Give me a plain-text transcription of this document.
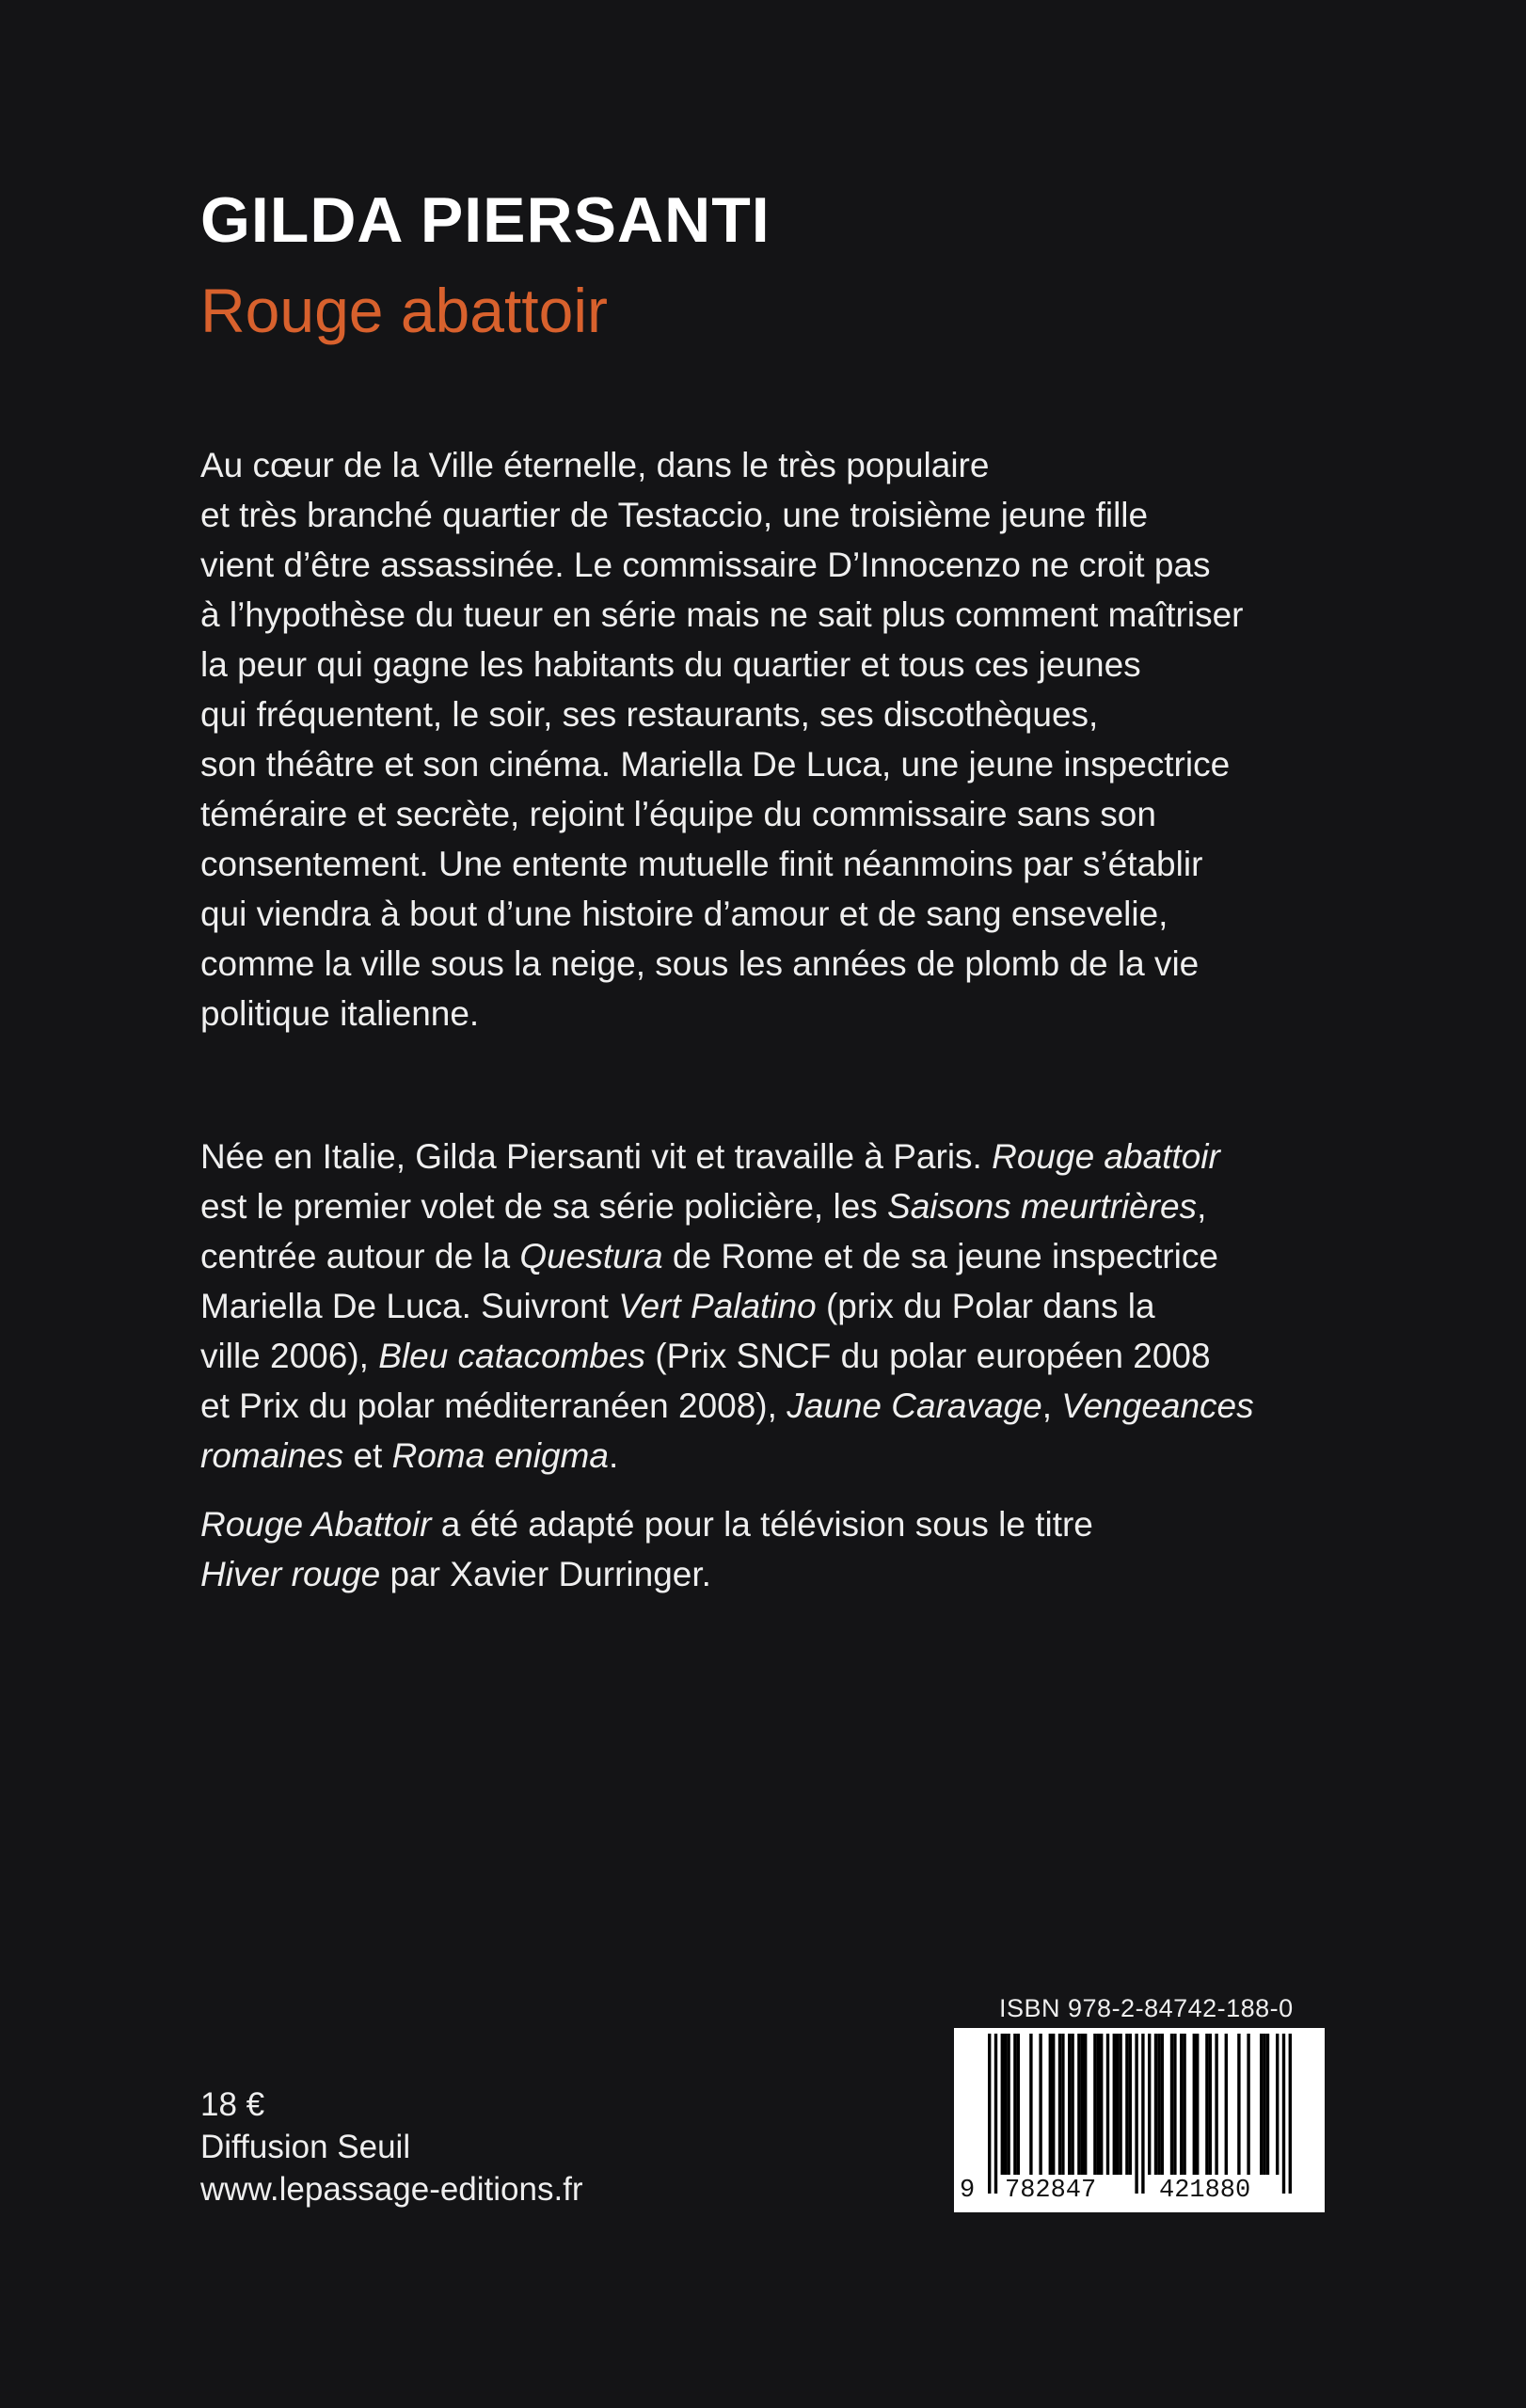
GILDA PIERSANTI
Rouge abattoir
Au cœur de la Ville éternelle, dans le très populaire
et très branché quartier de Testaccio, une troisième jeune fille
vient d’être assassinée. Le commissaire D’Innocenzo ne croit pas
à l’hypothèse du tueur en série mais ne sait plus comment maîtriser
la peur qui gagne les habitants du quartier et tous ces jeunes
qui fréquentent, le soir, ses restaurants, ses discothèques,
son théâtre et son cinéma. Mariella De Luca, une jeune inspectrice
téméraire et secrète, rejoint l’équipe du commissaire sans son
consentement. Une entente mutuelle finit néanmoins par s’établir
qui viendra à bout d’une histoire d’amour et de sang ensevelie,
comme la ville sous la neige, sous les années de plomb de la vie
politique italienne.
Née en Italie, Gilda Piersanti vit et travaille à Paris. Rouge abattoir
est le premier volet de sa série policière, les Saisons meurtrières,
centrée autour de la Questura de Rome et de sa jeune inspectrice
Mariella De Luca. Suivront Vert Palatino (prix du Polar dans la
ville 2006), Bleu catacombes (Prix SNCF du polar européen 2008
et Prix du polar méditerranéen 2008), Jaune Caravage, Vengeances
romaines et Roma enigma.
Rouge Abattoir a été adapté pour la télévision sous le titre
Hiver rouge par Xavier Durringer.
18 €
Diffusion Seuil
www.lepassage-editions.fr
ISBN 978-2-84742-188-0
9 782847 421880
